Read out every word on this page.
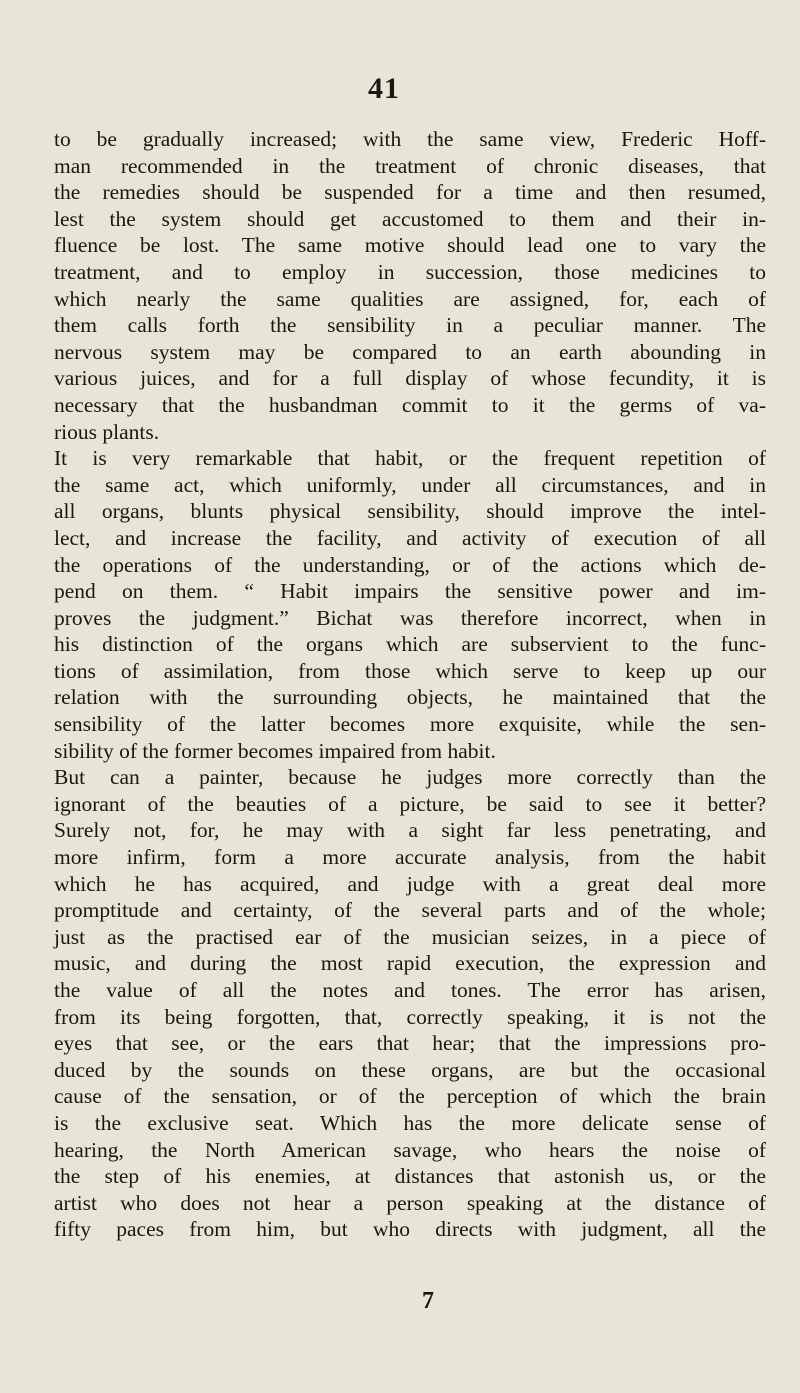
41
to be gradually increased; with the same view, Frederic Hoff-
man recommended in the treatment of chronic diseases, that
the remedies should be suspended for a time and then resumed,
lest the system should get accustomed to them and their in-
fluence be lost. The same motive should lead one to vary the
treatment, and to employ in succession, those medicines to
which nearly the same qualities are assigned, for, each of
them calls forth the sensibility in a peculiar manner. The
nervous system may be compared to an earth abounding in
various juices, and for a full display of whose fecundity, it is
necessary that the husbandman commit to it the germs of va-
rious plants.
It is very remarkable that habit, or the frequent repetition of
the same act, which uniformly, under all circumstances, and in
all organs, blunts physical sensibility, should improve the intel-
lect, and increase the facility, and activity of execution of all
the operations of the understanding, or of the actions which de-
pend on them. “ Habit impairs the sensitive power and im-
proves the judgment.” Bichat was therefore incorrect, when in
his distinction of the organs which are subservient to the func-
tions of assimilation, from those which serve to keep up our
relation with the surrounding objects, he maintained that the
sensibility of the latter becomes more exquisite, while the sen-
sibility of the former becomes impaired from habit.
But can a painter, because he judges more correctly than the
ignorant of the beauties of a picture, be said to see it better?
Surely not, for, he may with a sight far less penetrating, and
more infirm, form a more accurate analysis, from the habit
which he has acquired, and judge with a great deal more
promptitude and certainty, of the several parts and of the whole;
just as the practised ear of the musician seizes, in a piece of
music, and during the most rapid execution, the expression and
the value of all the notes and tones. The error has arisen,
from its being forgotten, that, correctly speaking, it is not the
eyes that see, or the ears that hear; that the impressions pro-
duced by the sounds on these organs, are but the occasional
cause of the sensation, or of the perception of which the brain
is the exclusive seat. Which has the more delicate sense of
hearing, the North American savage, who hears the noise of
the step of his enemies, at distances that astonish us, or the
artist who does not hear a person speaking at the distance of
fifty paces from him, but who directs with judgment, all the
7
